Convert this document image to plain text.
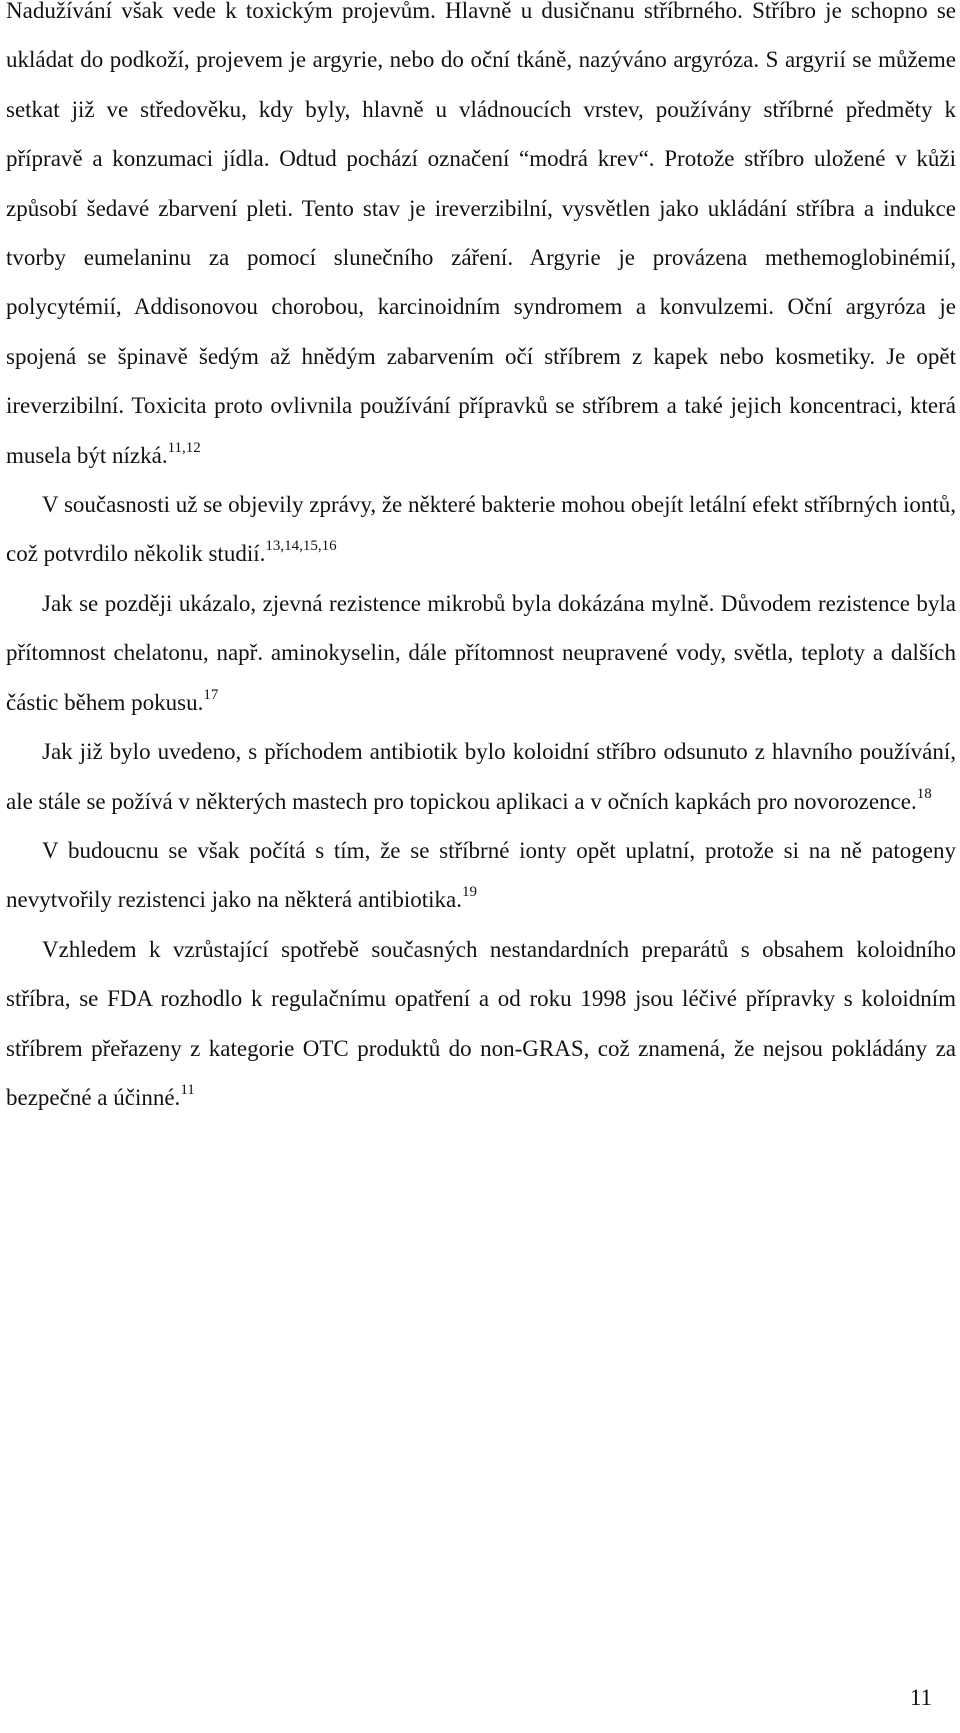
Nadužívání však vede k toxickým projevům. Hlavně u dusičnanu stříbrného. Stříbro je schopno se ukládat do podkoží, projevem je argyrie, nebo do oční tkáně, nazýváno argyróza. S argyrií se můžeme setkat již ve středověku, kdy byly, hlavně u vládnoucích vrstev, používány stříbrné předměty k přípravě a konzumaci jídla. Odtud pochází označení “modrá krev“. Protože stříbro uložené v kůži způsobí šedavé zbarvení pleti. Tento stav je ireverzibilní, vysvětlen jako ukládání stříbra a indukce tvorby eumelaninu za pomocí slunečního záření. Argyrie je provázena methemoglobinémií, polycytémií, Addisonovou chorobou, karcinoidním syndromem a konvulzemi. Oční argyróza je spojená se špinavě šedým až hnědým zabarvením očí stříbrem z kapek nebo kosmetiky. Je opět ireverzibilní. Toxicita proto ovlivnila používání přípravků se stříbrem a také jejich koncentraci, která musela být nízká.$^{11,12}$

V současnosti už se objevily zprávy, že některé bakterie mohou obejít letální efekt stříbrných iontů, což potvrdilo několik studií.$^{13,14,15,16}$

Jak se později ukázalo, zjevná rezistence mikrobů byla dokázána mylně. Důvodem rezistence byla přítomnost chelatonu, např. aminokyselin, dále přítomnost neupravené vody, světla, teploty a dalších částic během pokusu.$^{17}$

Jak již bylo uvedeno, s příchodem antibiotik bylo koloidní stříbro odsunuto z hlavního používání, ale stále se požívá v některých mastech pro topickou aplikaci a v očních kapkách pro novorozence.$^{18}$

V budoucnu se však počítá s tím, že se stříbrné ionty opět uplatní, protože si na ně patogeny nevytvořily rezistenci jako na některá antibiotika.$^{19}$

Vzhledem k vzrůstající spotřebě současných nestandardních preparátů s obsahem koloidního stříbra, se FDA rozhodlo k regulačnímu opatření a od roku 1998 jsou léčivé přípravky s koloidním stříbrem přeřazeny z kategorie OTC produktů do non-GRAS, což znamená, že nejsou pokládány za bezpečné a účinné.$^{11}$

11
